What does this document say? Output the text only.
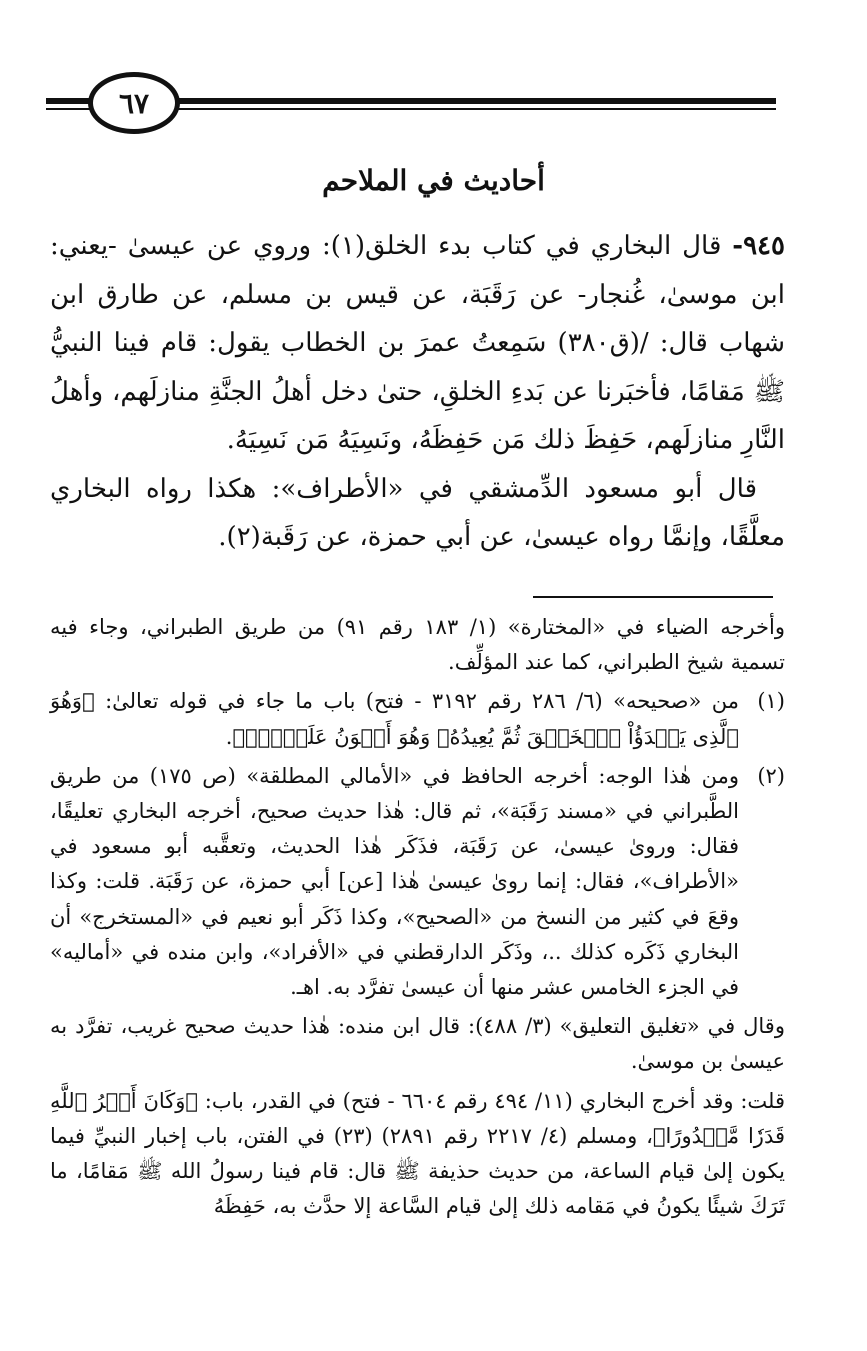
٦٧
أحاديث في الملاحم

٩٤٥- قال البخاري في كتاب بدء الخلق(١): وروي عن عيسىٰ -يعني: ابن موسىٰ، غُنجار- عن رَقَبَة، عن قيس بن مسلم، عن طارق ابن شهاب قال: /(ق٣٨٠) سَمِعتُ عمرَ بن الخطاب يقول: قام فينا النبيُّ ﷺ مَقامًا، فأخبَرنا عن بَدءِ الخلقِ، حتىٰ دخل أهلُ الجنَّةِ منازلَهم، وأهلُ النَّارِ منازلَهم، حَفِظَ ذلك مَن حَفِظَهُ، ونَسِيَهُ مَن نَسِيَهُ.

قال أبو مسعود الدِّمشقي في «الأطراف»: هكذا رواه البخاري معلَّقًا، وإنمَّا رواه عيسىٰ، عن أبي حمزة، عن رَقَبة(٢).

وأخرجه الضياء في «المختارة» (١/ ١٨٣ رقم ٩١) من طريق الطبراني، وجاء فيه تسمية شيخ الطبراني، كما عند المؤلِّف.

(١)
من «صحيحه» (٦/ ٢٨٦ رقم ٣١٩٢ - فتح) باب ما جاء في قوله تعالىٰ: ﴿وَهُوَ ٱلَّذِى يَبۡدَؤُاْ ٱلۡخَلۡقَ ثُمَّ يُعِيدُهُۥ وَهُوَ أَهۡوَنُ عَلَيۡهِۚ﴾.
(٢)
ومن هٰذا الوجه: أخرجه الحافظ في «الأمالي المطلقة» (ص ١٧٥) من طريق الطَّبراني في «مسند رَقَبَة»، ثم قال: هٰذا حديث صحيح، أخرجه البخاري تعليقًا، فقال: ورویٰ عيسىٰ، عن رَقَبَة، فذَكَر هٰذا الحديث، وتعقَّبه أبو مسعود في «الأطراف»، فقال: إنما رویٰ عيسىٰ هٰذا [عن] أبي حمزة، عن رَقَبَة. قلت: وكذا وقعَ في كثير من النسخ من «الصحيح»، وكذا ذَكَر أبو نعيم في «المستخرج» أن البخاري ذَكَره كذلك ..، وذَكَر الدارقطني في «الأفراد»، وابن منده في «أماليه» في الجزء الخامس عشر منها أن عيسىٰ تفرَّد به. اهـ.

وقال في «تغليق التعليق» (٣/ ٤٨٨): قال ابن منده: هٰذا حديث صحيح غريب، تفرَّد به عيسىٰ بن موسىٰ.

قلت: وقد أخرج البخاري (١١/ ٤٩٤ رقم ٦٦٠٤ - فتح) في القدر، باب: ﴿وَكَانَ أَمۡرُ ٱللَّهِ قَدَرٗا مَّقۡدُورًا﴾، ومسلم (٤/ ٢٢١٧ رقم ٢٨٩١) (٢٣) في الفتن، باب إخبار النبيِّ فيما يكون إلىٰ قيام الساعة، من حديث حذيفة ﷺ قال: قام فينا رسولُ الله ﷺ مَقامًا، ما تَرَكَ شيئًا يكونُ في مَقامه ذلك إلىٰ قيام السَّاعة إلا حدَّث به، حَفِظَهُ
